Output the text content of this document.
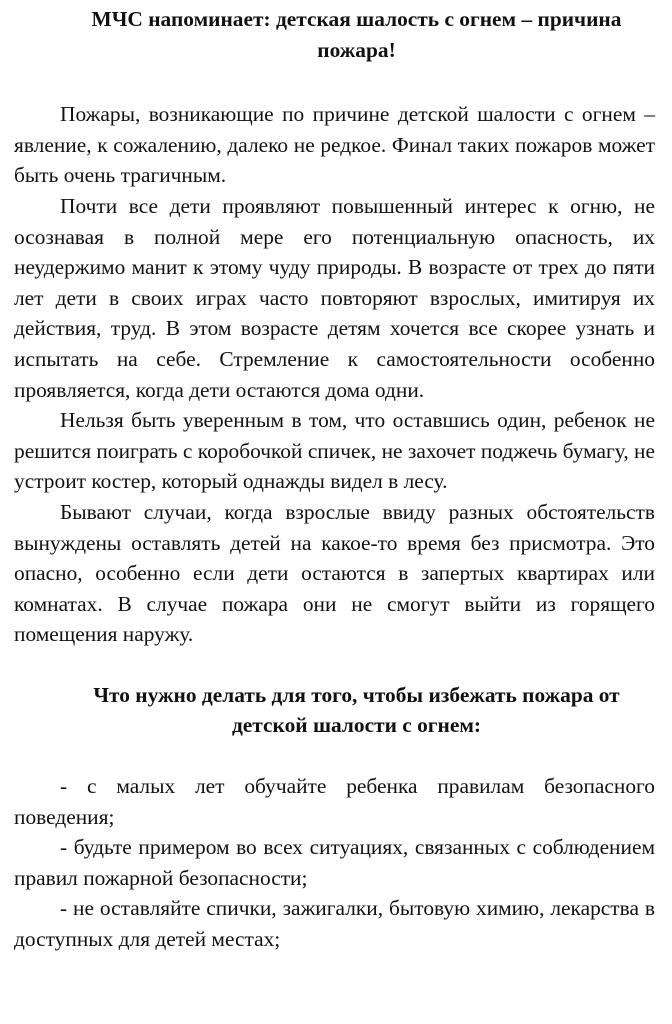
МЧС напоминает: детская шалость с огнем – причина пожара!

Пожары, возникающие по причине детской шалости с огнем – явление, к сожалению, далеко не редкое. Финал таких пожаров может быть очень трагичным.

Почти все дети проявляют повышенный интерес к огню, не осознавая в полной мере его потенциальную опасность, их неудержимо манит к этому чуду природы. В возрасте от трех до пяти лет дети в своих играх часто повторяют взрослых, имитируя их действия, труд. В этом возрасте детям хочется все скорее узнать и испытать на себе. Стремление к самостоятельности особенно проявляется, когда дети остаются дома одни.

Нельзя быть уверенным в том, что оставшись один, ребенок не решится поиграть с коробочкой спичек, не захочет поджечь бумагу, не устроит костер, который однажды видел в лесу.

Бывают случаи, когда взрослые ввиду разных обстоятельств вынуждены оставлять детей на какое-то время без присмотра. Это опасно, особенно если дети остаются в запертых квартирах или комнатах. В случае пожара они не смогут выйти из горящего помещения наружу.

Что нужно делать для того, чтобы избежать пожара от детской шалости с огнем:

- с малых лет обучайте ребенка правилам безопасного поведения;

- будьте примером во всех ситуациях, связанных с соблюдением правил пожарной безопасности;

- не оставляйте спички, зажигалки, бытовую химию, лекарства в доступных для детей местах;
